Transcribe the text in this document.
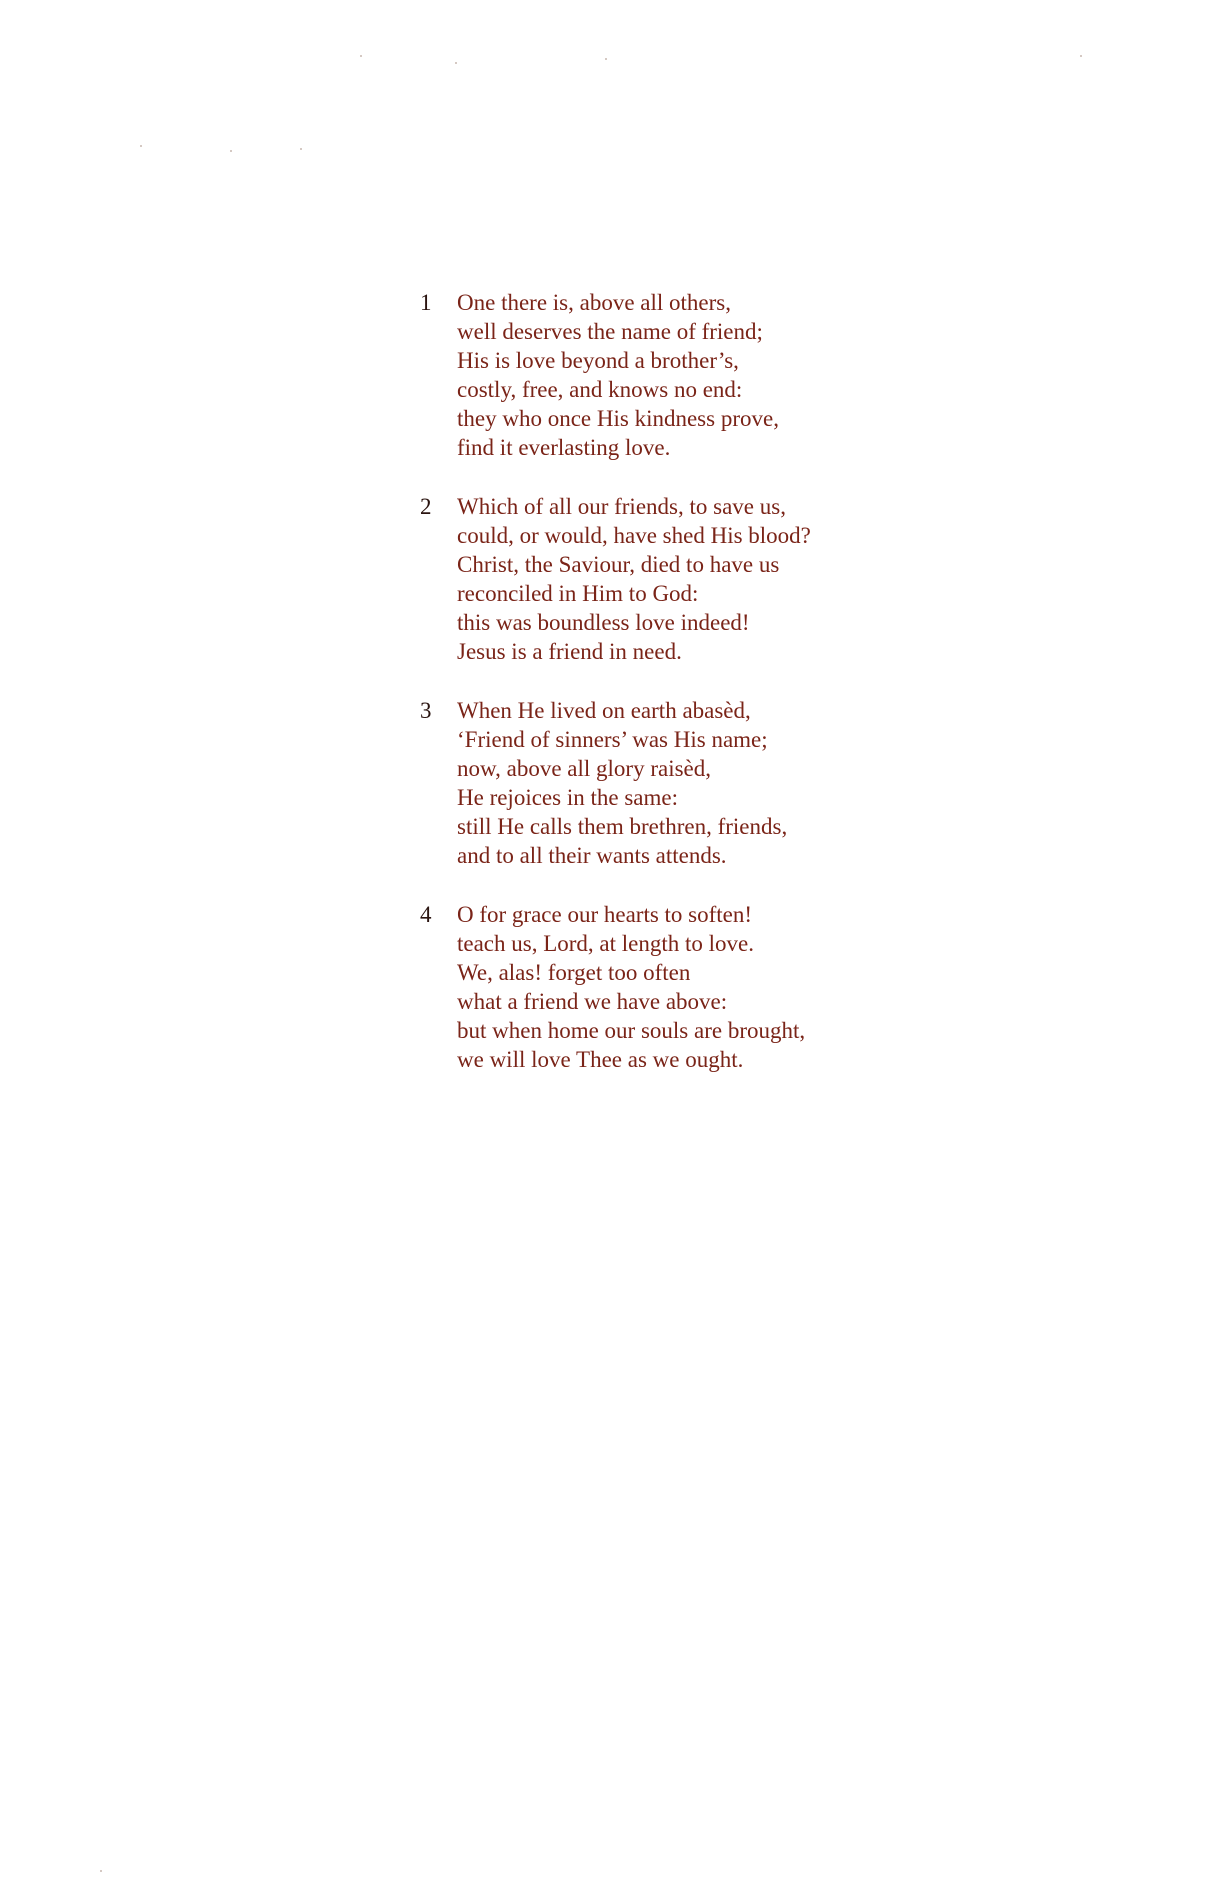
1	One there is, above all others,
well deserves the name of friend;
His is love beyond a brother’s,
costly, free, and knows no end:
they who once His kindness prove,
find it everlasting love.
2	Which of all our friends, to save us,
could, or would, have shed His blood?
Christ, the Saviour, died to have us
reconciled in Him to God:
this was boundless love indeed!
Jesus is a friend in need.
3	When He lived on earth abasèd,
‘Friend of sinners’ was His name;
now, above all glory raisèd,
He rejoices in the same:
still He calls them brethren, friends,
and to all their wants attends.
4	O for grace our hearts to soften!
teach us, Lord, at length to love.
We, alas! forget too often
what a friend we have above:
but when home our souls are brought,
we will love Thee as we ought.
